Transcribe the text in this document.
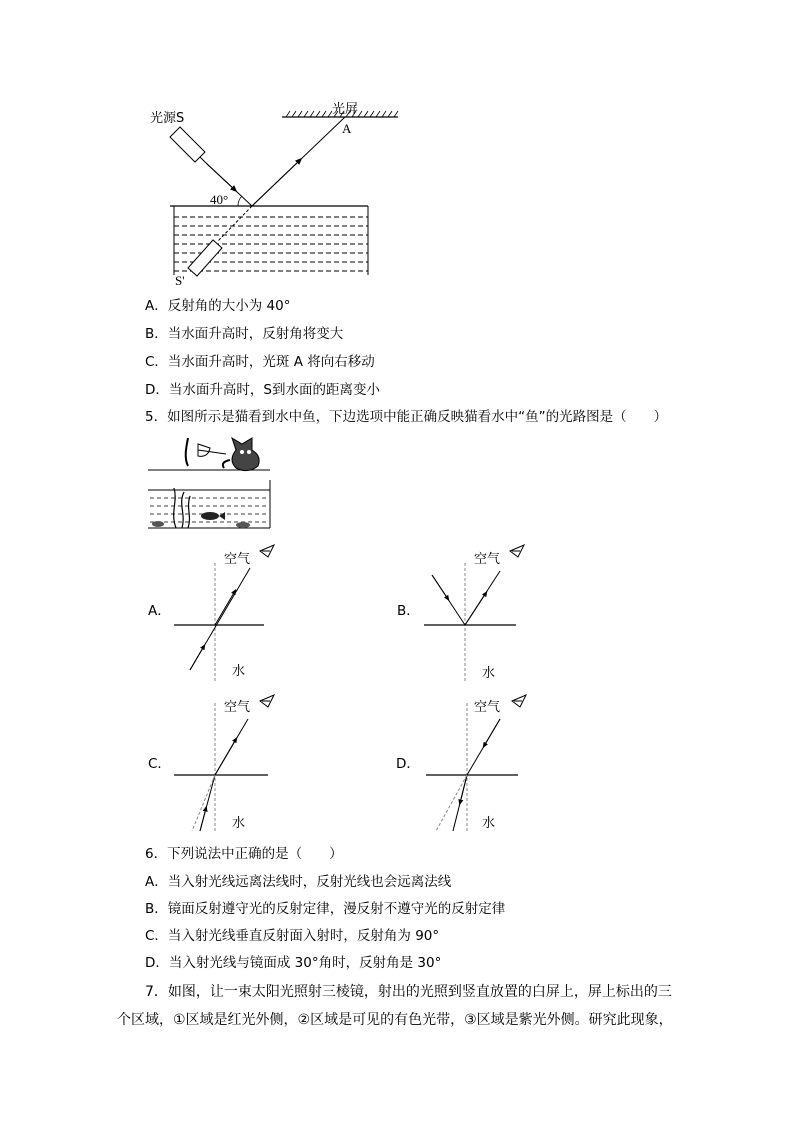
光源S
光屏
A
40°
S'
A．反射角的大小为 40°
B．当水面升高时，反射角将变大
C．当水面升高时，光斑 A 将向右移动
D．当水面升高时，S到水面的距离变小
5．如图所示是猫看到水中鱼，下边选项中能正确反映猫看水中“鱼”的光路图是（　　）
空气
水
A．
空气
水
B．
空气
水
C．
空气
水
D．
6．下列说法中正确的是（　　）
A．当入射光线远离法线时，反射光线也会远离法线
B．镜面反射遵守光的反射定律，漫反射不遵守光的反射定律
C．当入射光线垂直反射面入射时，反射角为 90°
D．当入射光线与镜面成 30°角时，反射角是 30°
7．如图，让一束太阳光照射三棱镜，射出的光照到竖直放置的白屏上，屏上标出的三
个区域，①区域是红光外侧，②区域是可见的有色光带，③区域是紫光外侧。研究此现象，
